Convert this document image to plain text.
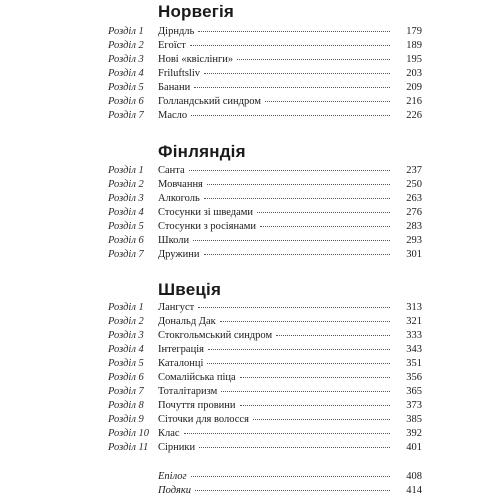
Норвегія
Фінляндія
Швеція
Розділ 1	Дірндль	179
Розділ 2	Егоїст	189
Розділ 3	Нові «квіслінги»	195
Розділ 4	Friluftsliv	203
Розділ 5	Банани	209
Розділ 6	Голландський синдром	216
Розділ 7	Масло	226
Розділ 1	Санта	237
Розділ 2	Мовчання	250
Розділ 3	Алкоголь	263
Розділ 4	Стосунки зі шведами	276
Розділ 5	Стосунки з росіянами	283
Розділ 6	Школи	293
Розділ 7	Дружини	301
Розділ 1	Лангуст	313
Розділ 2	Дональд Дак	321
Розділ 3	Стокгольмський синдром	333
Розділ 4	Інтеграція	343
Розділ 5	Каталонці	351
Розділ 6	Сомалійська піца	356
Розділ 7	Тоталітаризм	365
Розділ 8	Почуття провини	373
Розділ 9	Сіточки для волосся	385
Розділ 10 Клас	392
Розділ 11 Сірники	401
Епілог	408
Подяки	414
